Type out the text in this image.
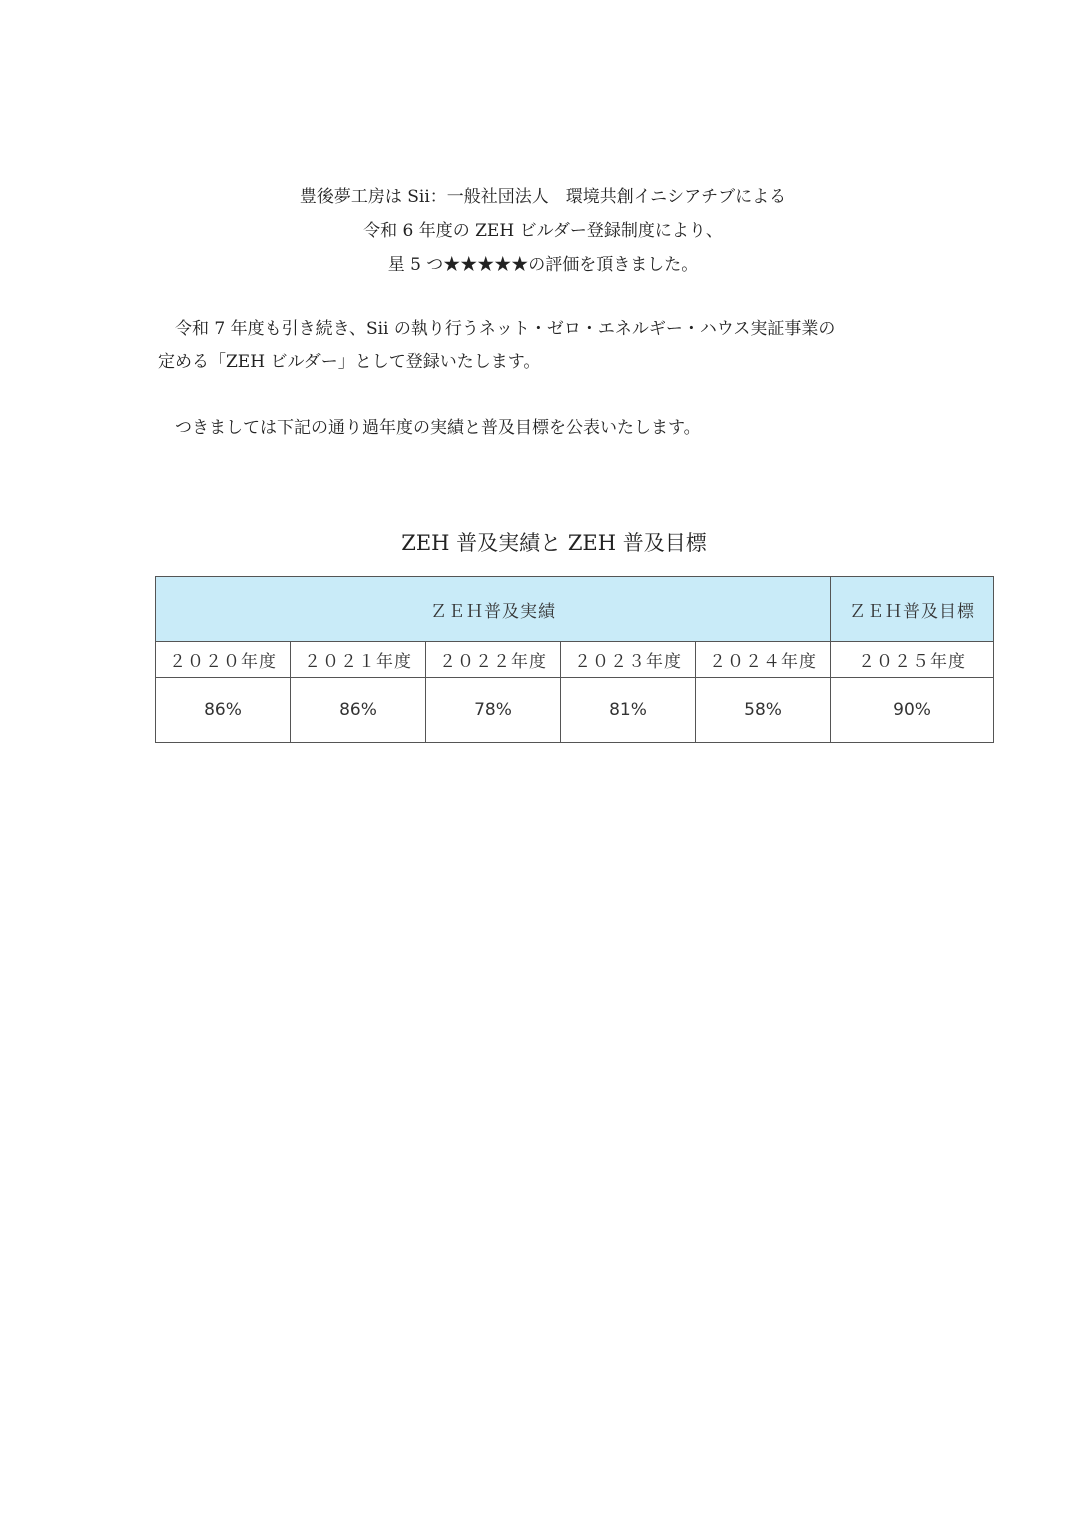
豊後夢工房は Sii：一般社団法人　環境共創イニシアチブによる
令和 6 年度の ZEH ビルダー登録制度により、
星 5 つ★★★★★の評価を頂きました。
　令和 7 年度も引き続き、Sii の執り行うネット・ゼロ・エネルギー・ハウス実証事業の
定める「ZEH ビルダー」として登録いたします。
　つきましては下記の通り過年度の実績と普及目標を公表いたします。
ZEH 普及実績と ZEH 普及目標
ＺＥＨ普及実績					ＺＥＨ普及目標
２０２０年度	２０２１年度	２０２２年度	２０２３年度	２０２４年度	２０２５年度
86%	86%	78%	81%	58%	90%
